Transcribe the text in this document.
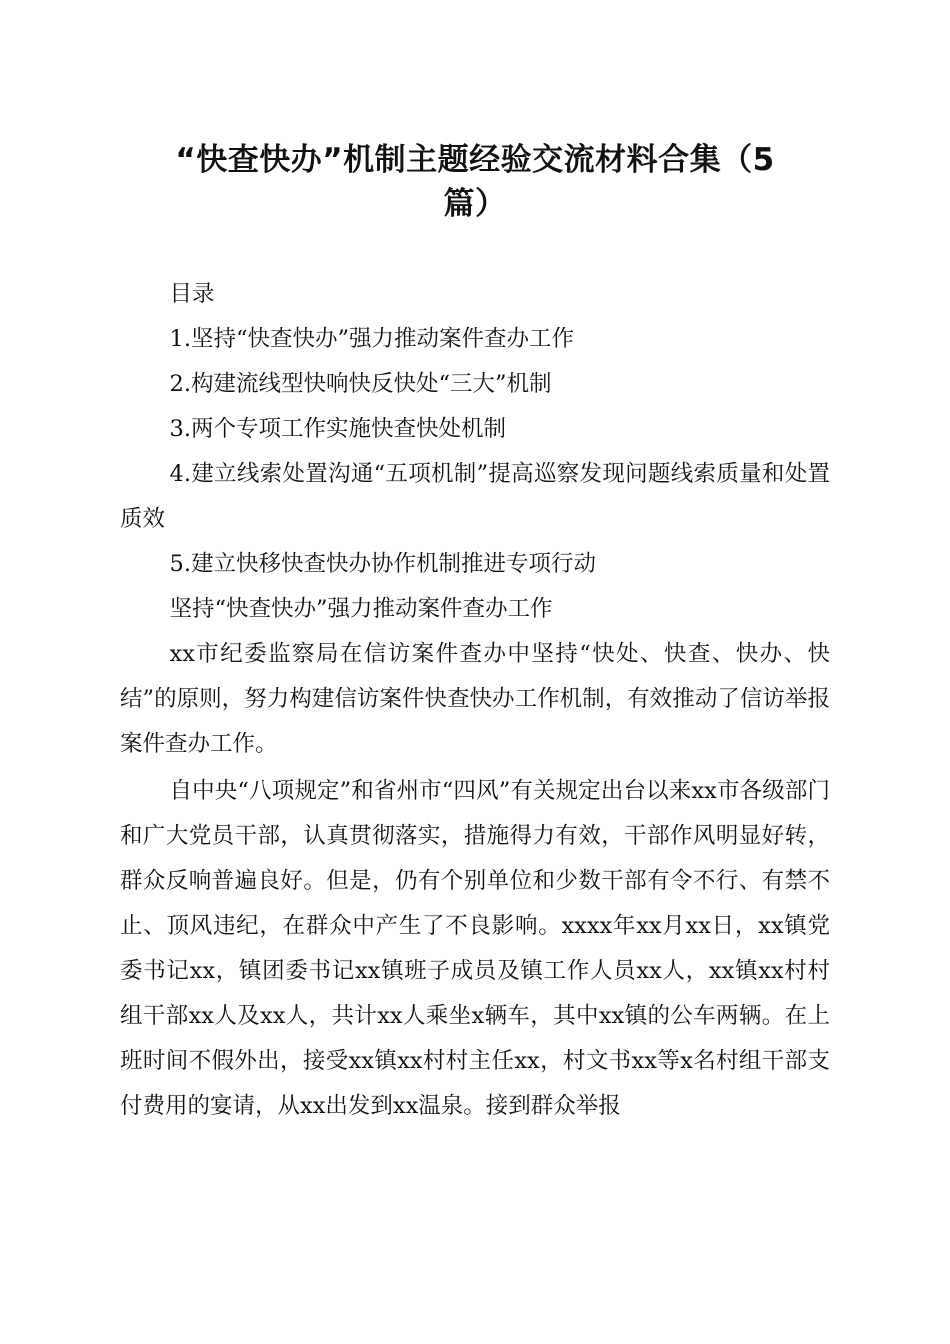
“快查快办”机制主题经验交流材料合集（5
篇）

目录

1.坚持“快查快办”强力推动案件查办工作

2.构建流线型快响快反快处“三大”机制

3.两个专项工作实施快查快处机制

4.建立线索处置沟通“五项机制”提高巡察发现问题线索质量和处置质效

5.建立快移快查快办协作机制推进专项行动

坚持“快查快办”强力推动案件查办工作

xx市纪委监察局在信访案件查办中坚持“快处、快查、快办、快结”的原则，努力构建信访案件快查快办工作机制，有效推动了信访举报案件查办工作。

自中央“八项规定”和省州市“四风”有关规定出台以来xx市各级部门和广大党员干部，认真贯彻落实，措施得力有效，干部作风明显好转，群众反响普遍良好。但是，仍有个别单位和少数干部有令不行、有禁不止、顶风违纪，在群众中产生了不良影响。xxxx年xx月xx日，xx镇党委书记xx，镇团委书记xx镇班子成员及镇工作人员xx人，xx镇xx村村组干部xx人及xx人，共计xx人乘坐x辆车，其中xx镇的公车两辆。在上班时间不假外出，接受xx镇xx村村主任xx，村文书xx等x名村组干部支付费用的宴请，从xx出发到xx温泉。接到群众举报
